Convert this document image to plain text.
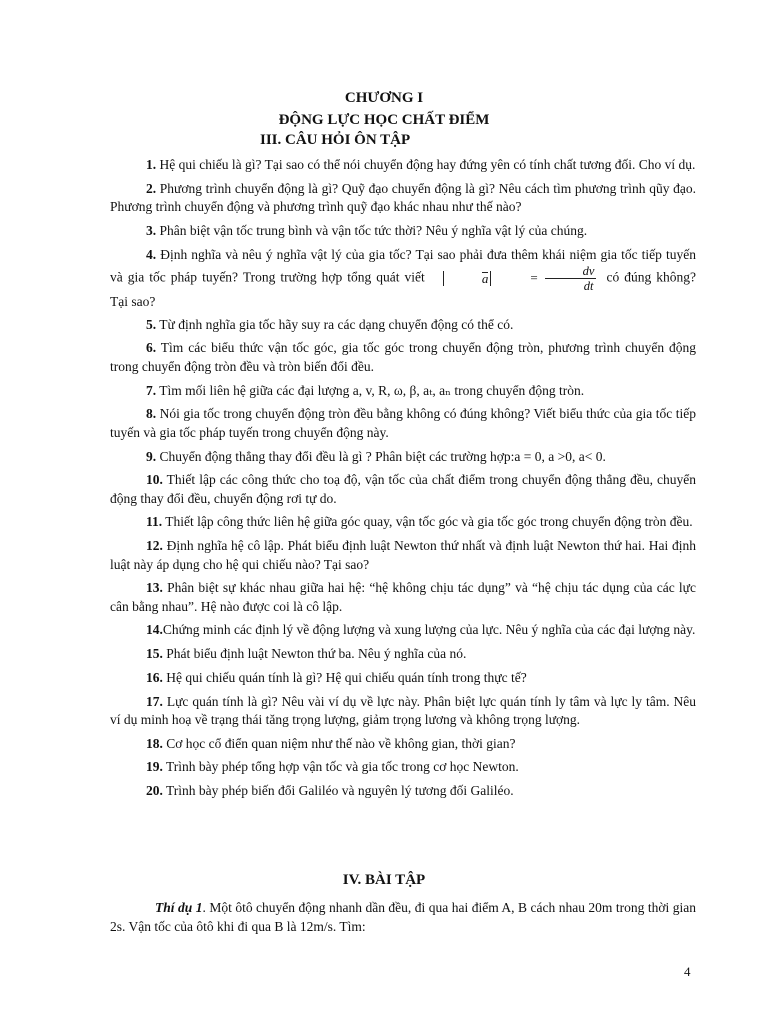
CHƯƠNG I
ĐỘNG LỰC HỌC CHẤT ĐIỂM
III. CÂU HỎI ÔN TẬP

1. Hệ qui chiếu là gì? Tại sao có thể nói chuyển động hay đứng yên có tính chất tương đối. Cho ví dụ.

2. Phương trình chuyển động là gì? Quỹ đạo chuyển động là gì? Nêu cách tìm phương trình qũy đạo. Phương trình chuyển động và phương trình quỹ đạo khác nhau như thế nào?

3. Phân biệt vận tốc trung bình và vận tốc tức thời? Nêu ý nghĩa vật lý của chúng.

4. Định nghĩa và nêu ý nghĩa vật lý của gia tốc? Tại sao phải đưa thêm khái niệm gia tốc tiếp tuyến và gia tốc pháp tuyến? Trong trường hợp tổng quát viết	a	= $\frac{dv}{dt}$ có đúng không? Tại sao?

5. Từ định nghĩa gia tốc hãy suy ra các dạng chuyển động có thể có.

6. Tìm các biểu thức vận tốc góc, gia tốc góc trong chuyển động tròn, phương trình chuyển động trong chuyển động tròn đều và tròn biến đổi đều.

7. Tìm mối liên hệ giữa các đại lượng a, v, R, ω, β, aₜ, aₙ trong chuyển động tròn.

8. Nói gia tốc trong chuyển động tròn đều bằng không có đúng không? Viết biểu thức của gia tốc tiếp tuyến và gia tốc pháp tuyến trong chuyển động này.

9. Chuyển động thẳng thay đổi đều là gì ? Phân biệt các trường hợp:a = 0, a >0, a< 0.

10. Thiết lập các công thức cho toạ độ, vận tốc của chất điểm trong chuyển động thẳng đều, chuyển động thay đổi đều, chuyển động rơi tự do.

11. Thiết lập công thức liên hệ giữa góc quay, vận tốc góc và gia tốc góc trong chuyển động tròn đều.

12. Định nghĩa hệ cô lập. Phát biểu định luật Newton thứ nhất và định luật Newton thứ hai. Hai định luật này áp dụng cho hệ qui chiếu nào? Tại sao?

13. Phân biệt sự khác nhau giữa hai hệ: “hệ không chịu tác dụng” và “hệ chịu tác dụng của các lực cân bằng nhau”. Hệ nào được coi là cô lập.

14.Chứng minh các định lý về động lượng và xung lượng của lực. Nêu ý nghĩa của các đại lượng này.

15. Phát biểu định luật Newton thứ ba. Nêu ý nghĩa của nó.

16. Hệ qui chiếu quán tính là gì? Hệ qui chiếu quán tính trong thực tế?

17. Lực quán tính là gì? Nêu vài ví dụ về lực này. Phân biệt lực quán tính ly tâm và lực ly tâm. Nêu ví dụ minh hoạ về trạng thái tăng trọng lượng, giảm trọng lương và không trọng lượng.

18. Cơ học cổ điển quan niệm như thế nào về không gian, thời gian?

19. Trình bày phép tổng hợp vận tốc và gia tốc trong cơ học Newton.

20. Trình bày phép biến đổi Galiléo và nguyên lý tương đối Galiléo.

IV. BÀI TẬP
Thí dụ 1. Một ôtô chuyển động nhanh dần đều, đi qua hai điểm A, B cách nhau 20m trong thời gian 2s. Vận tốc của ôtô khi đi qua B là 12m/s. Tìm:
4
